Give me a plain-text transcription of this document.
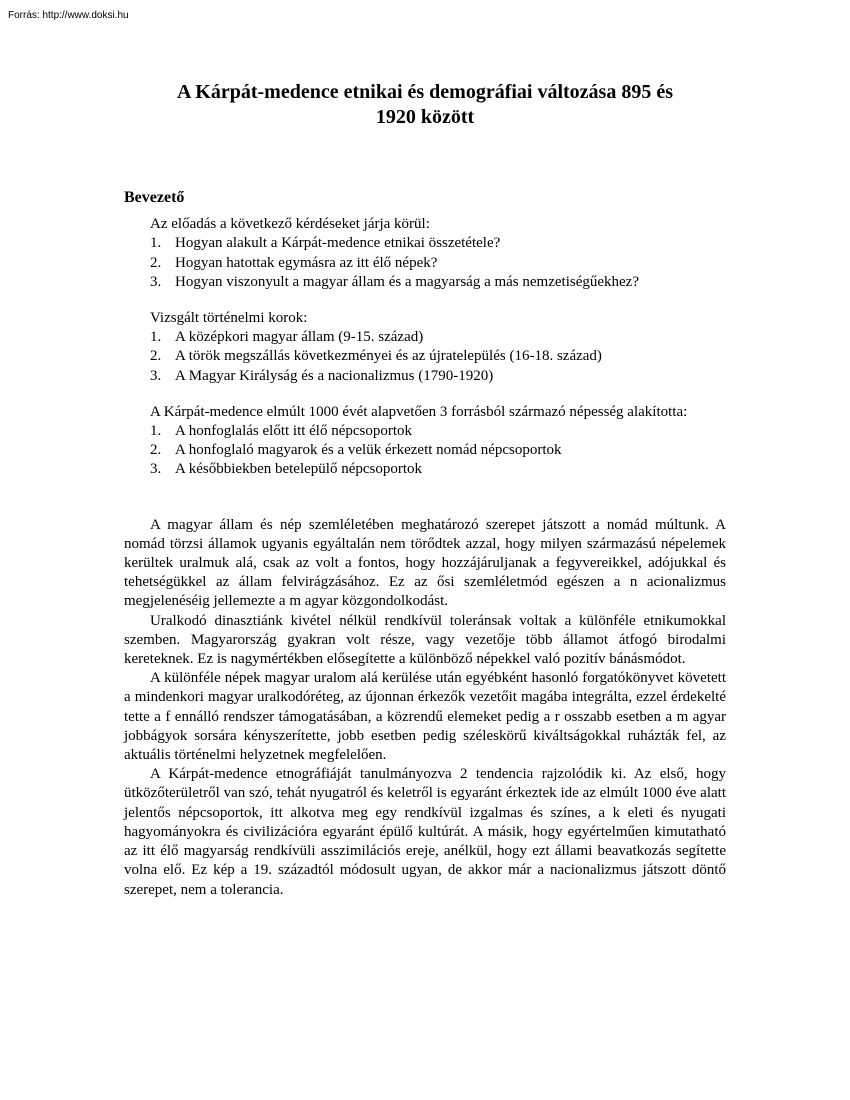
Forrás: http://www.doksi.hu
A Kárpát-medence etnikai és demográfiai változása 895 és
1920 között
Bevezető
Az előadás a következő kérdéseket járja körül:
1. Hogyan alakult a Kárpát-medence etnikai összetétele?
2. Hogyan hatottak egymásra az itt élő népek?
3. Hogyan viszonyult a magyar állam és a magyarság a más nemzetiségűekhez?
Vizsgált történelmi korok:
1. A középkori magyar állam (9-15. század)
2. A török megszállás következményei és az újratelepülés (16-18. század)
3. A Magyar Királyság és a nacionalizmus (1790-1920)
A Kárpát-medence elmúlt 1000 évét alapvetően 3 forrásból származó népesség alakította:
1. A honfoglalás előtt itt élő népcsoportok
2. A honfoglaló magyarok és a velük érkezett nomád népcsoportok
3. A későbbiekben betelepülő népcsoportok

A magyar állam és nép szemléletében meghatározó szerepet játszott a nomád múltunk. A nomád törzsi államok ugyanis egyáltalán nem törődtek azzal, hogy milyen származású népelemek kerültek uralmuk alá, csak az volt a fontos, hogy hozzájáruljanak a fegyvereikkel, adójukkal és tehetségükkel az állam felvirágzásához. Ez az ősi szemléletmód egészen a n acionalizmus megjelenéséig jellemezte a m agyar közgondolkodást.

Uralkodó dinasztiánk kivétel nélkül rendkívül toleránsak voltak a különféle etnikumokkal szemben. Magyarország gyakran volt része, vagy vezetője több államot átfogó birodalmi kereteknek. Ez is nagymértékben elősegítette a különböző népekkel való pozitív bánásmódot.

A különféle népek magyar uralom alá kerülése után egyébként hasonló forgatókönyvet követett a mindenkori magyar uralkodóréteg, az újonnan érkezők vezetőit magába integrálta, ezzel érdekelté tette a f ennálló rendszer támogatásában, a közrendű elemeket pedig a r osszabb esetben a m agyar jobbágyok sorsára kényszerítette, jobb esetben pedig széleskörű kiváltságokkal ruházták fel, az aktuális történelmi helyzetnek megfelelően.

A Kárpát-medence etnográfiáját tanulmányozva 2 tendencia rajzolódik ki. Az első, hogy ütközőterületről van szó, tehát nyugatról és keletről is egyaránt érkeztek ide az elmúlt 1000 éve alatt jelentős népcsoportok, itt alkotva meg egy rendkívül izgalmas és színes, a k eleti és nyugati hagyományokra és civilizációra egyaránt épülő kultúrát. A másik, hogy egyértelműen kimutatható az itt élő magyarság rendkívüli asszimilációs ereje, anélkül, hogy ezt állami beavatkozás segítette volna elő. Ez kép a 19. századtól módosult ugyan, de akkor már a nacionalizmus játszott döntő szerepet, nem a tolerancia.
